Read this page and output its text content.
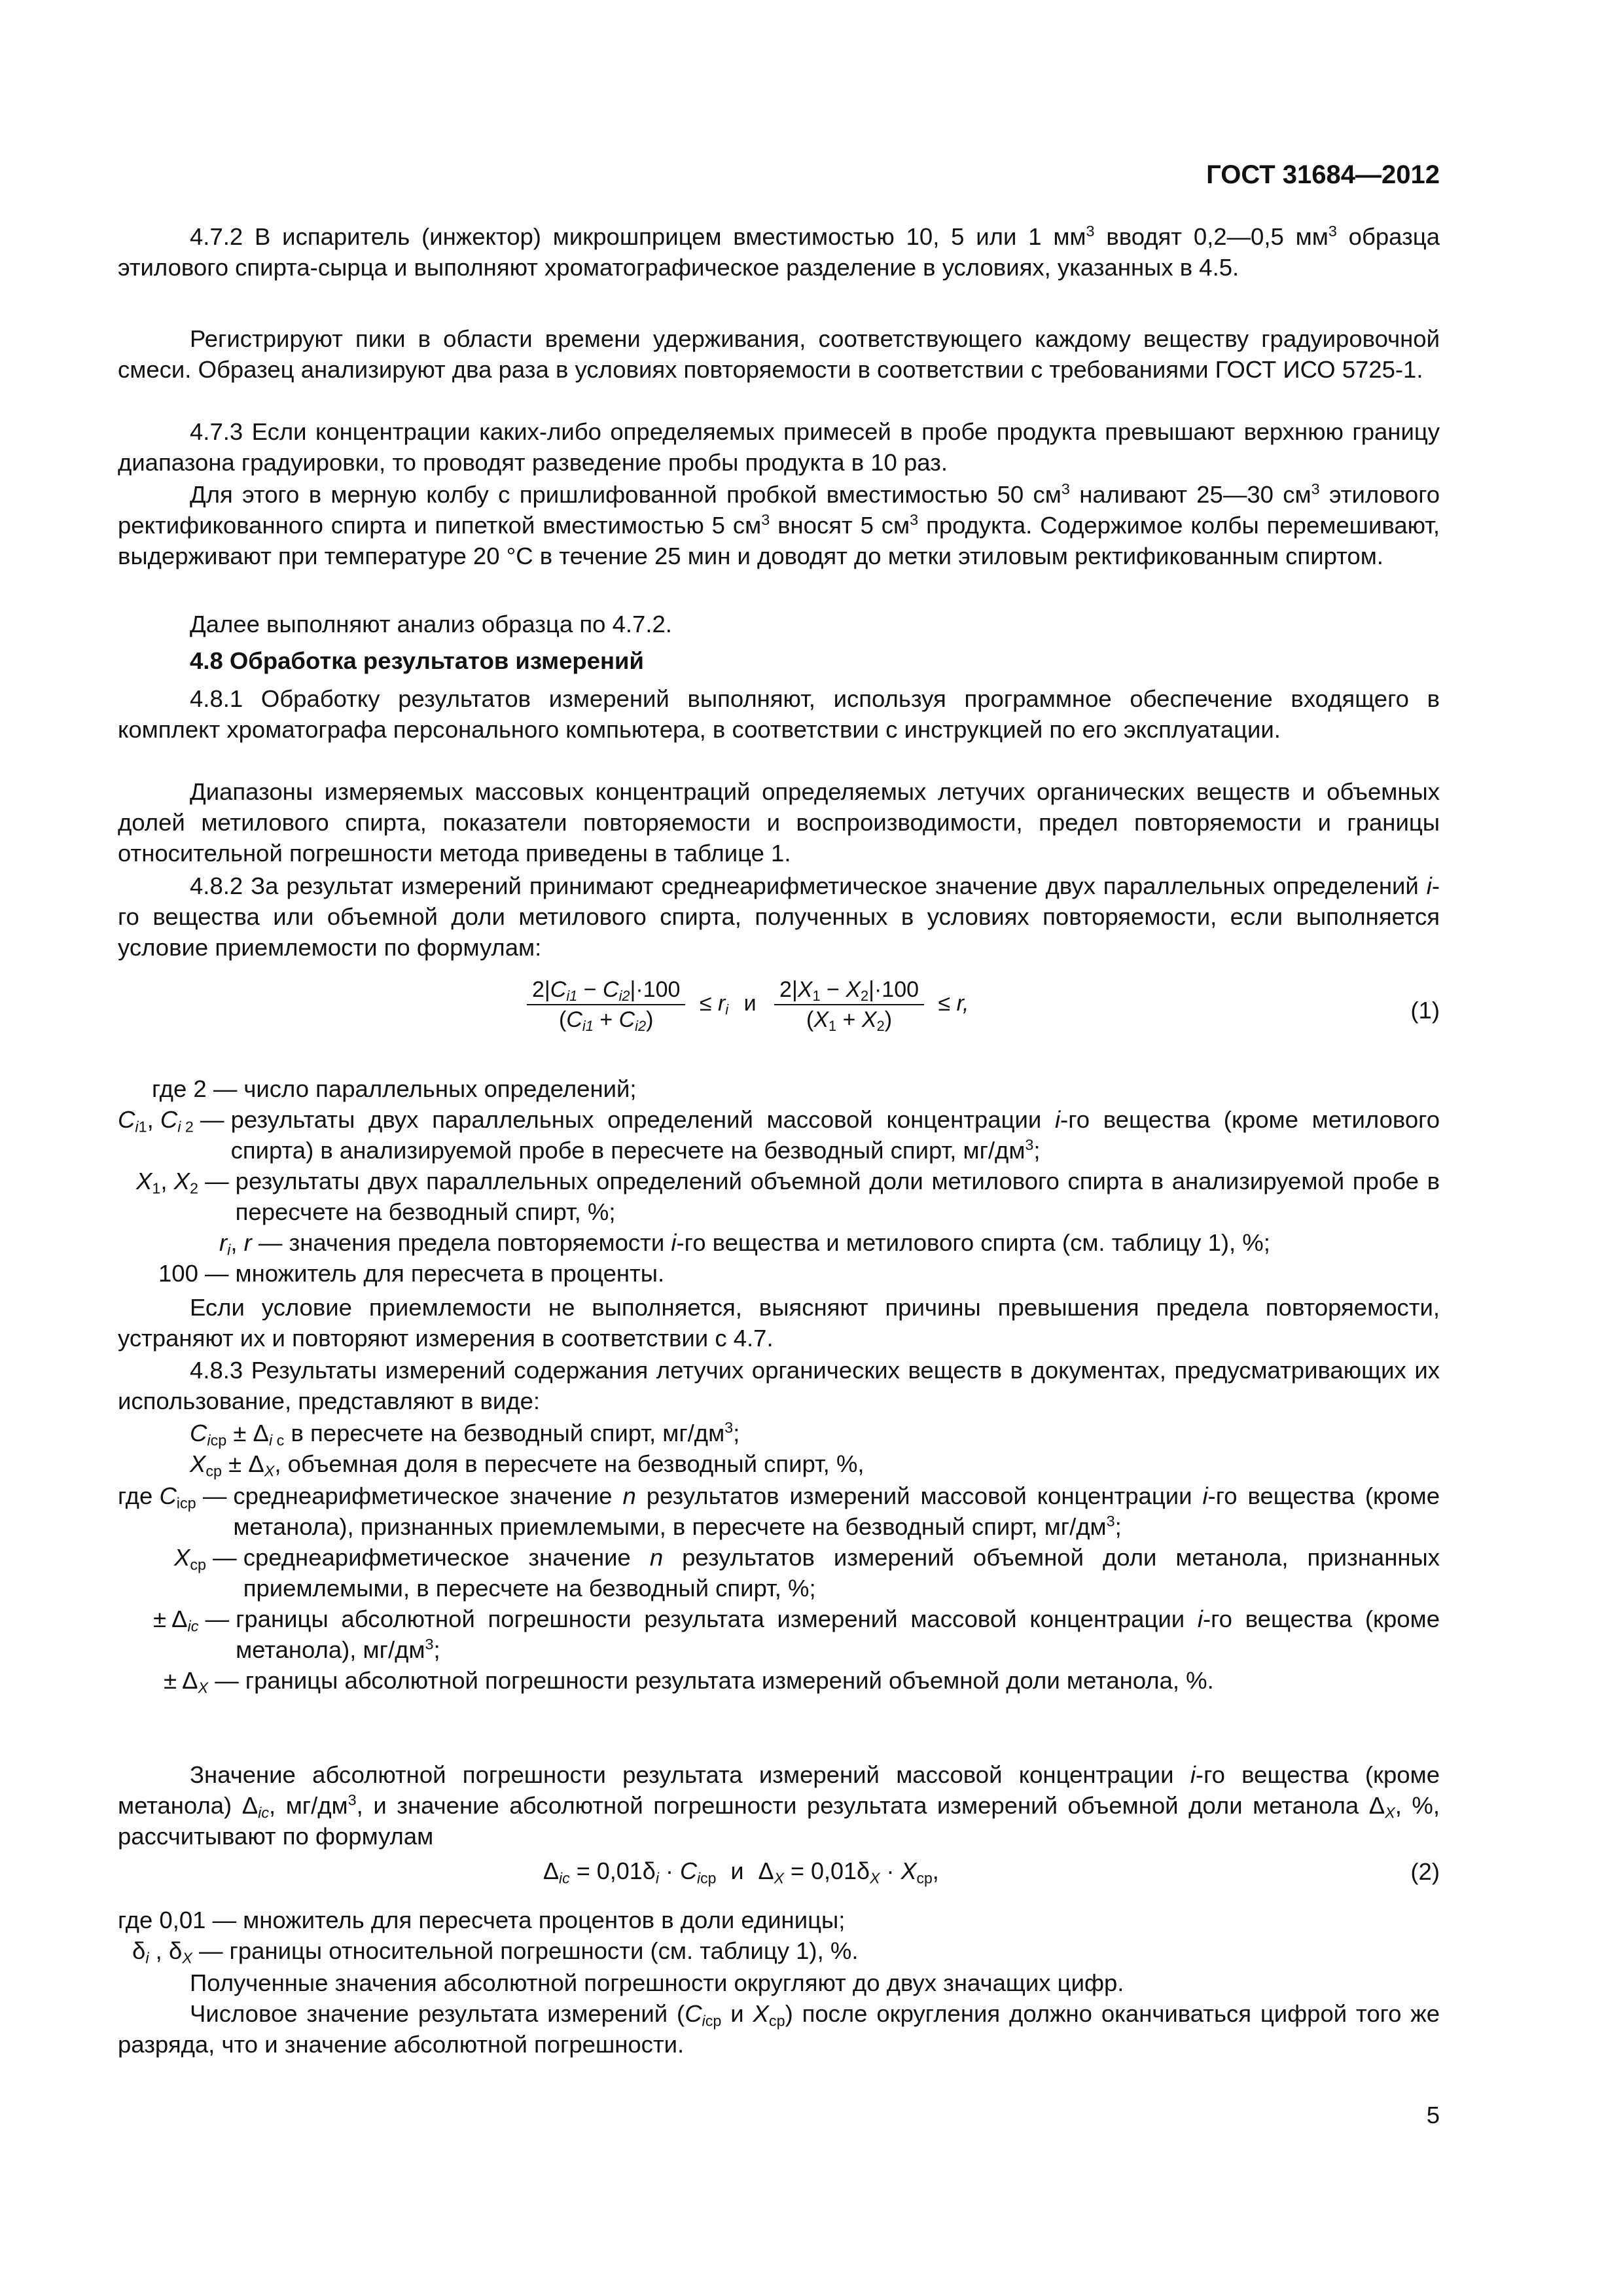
ГОСТ 31684—2012

4.7.2 В испаритель (инжектор) микрошприцем вместимостью 10, 5 или 1 $мм^3$ вводят 0,2—0,5 $мм^3$ образца этилового спирта-сырца и выполняют хроматографическое разделение в условиях, указанных в 4.5.

Регистрируют пики в области времени удерживания, соответствующего каждому веществу градуировочной смеси. Образец анализируют два раза в условиях повторяемости в соответствии с требованиями ГОСТ ИСО 5725-1.

4.7.3 Если концентрации каких-либо определяемых примесей в пробе продукта превышают верхнюю границу диапазона градуировки, то проводят разведение пробы продукта в 10 раз.

Для этого в мерную колбу с пришлифованной пробкой вместимостью 50 $см^3$ наливают 25—30 $см^3$ этилового ректификованного спирта и пипеткой вместимостью 5 $см^3$ вносят 5 $см^3$ продукта. Содержимое колбы перемешивают, выдерживают при температуре 20 °С в течение 25 мин и доводят до метки этиловым ректификованным спиртом.

Далее выполняют анализ образца по 4.7.2.

4.8 Обработка результатов измерений

4.8.1 Обработку результатов измерений выполняют, используя программное обеспечение входящего в комплект хроматографа персонального компьютера, в соответствии с инструкцией по его эксплуатации.

Диапазоны измеряемых массовых концентраций определяемых летучих органических веществ и объемных долей метилового спирта, показатели повторяемости и воспроизводимости, предел повторяемости и границы относительной погрешности метода приведены в таблице 1.

4.8.2 За результат измерений принимают среднеарифметическое значение двух параллельных определений i-го вещества или объемной доли метилового спирта, полученных в условиях повторяемости, если выполняется условие приемлемости по формулам:

$\frac{2|C_{i1} - C_{i2}|\cdot 100}{(C_{i1} + C_{i2})} \le r_i$ и $\frac{2|X_1 - X_2|\cdot 100}{(X_1 + X_2)} \le r$,	(1)
где 2 — число параллельных определений;
$C_{i1}$, $C_{i 2}$ — результаты двух параллельных определений массовой концентрации i-го вещества (кроме метилового спирта) в анализируемой пробе в пересчете на безводный спирт, $мг/дм^3$;
$X_1$, $X_2$ — результаты двух параллельных определений объемной доли метилового спирта в анализируемой пробе в пересчете на безводный спирт, %;
$r_i$, r — значения предела повторяемости i-го вещества и метилового спирта (см. таблицу 1), %;
100 — множитель для пересчета в проценты.

Если условие приемлемости не выполняется, выясняют причины превышения предела повторяемости, устраняют их и повторяют измерения в соответствии с 4.7.

4.8.3 Результаты измерений содержания летучих органических веществ в документах, предусматривающих их использование, представляют в виде:

$C_{iср} \pm \Delta_{i с}$ в пересчете на безводный спирт, $мг/дм^3$;
$X_{ср} \pm \Delta_X$, объемная доля в пересчете на безводный спирт, %,
где $C_{iср}$ — среднеарифметическое значение n результатов измерений массовой концентрации i-го вещества (кроме метанола), признанных приемлемыми, в пересчете на безводный спирт, $мг/дм^3$;
$X_{ср}$ — среднеарифметическое значение n результатов измерений объемной доли метанола, признанных приемлемыми, в пересчете на безводный спирт, %;
± $\Delta_{ic}$ — границы абсолютной погрешности результата измерений массовой концентрации i-го вещества (кроме метанола), $мг/дм^3$;
± $\Delta_X$ — границы абсолютной погрешности результата измерений объемной доли метанола, %.

Значение абсолютной погрешности результата измерений массовой концентрации i-го вещества (кроме метанола) $\Delta_{ic}$, $мг/дм^3$, и значение абсолютной погрешности результата измерений объемной доли метанола $\Delta_X$, %, рассчитывают по формулам

$\Delta_{ic} = 0,01\delta_i \cdot C_{iср}$ и $\Delta_X = 0,01\delta_X \cdot X_{ср}$,	(2)
где 0,01 — множитель для пересчета процентов в доли единицы;
$\delta_i$ , $\delta_X$ — границы относительной погрешности (см. таблицу 1), %.

Полученные значения абсолютной погрешности округляют до двух значащих цифр.

Числовое значение результата измерений ($C_{iср}$ и $X_{ср}$) после округления должно оканчиваться цифрой того же разряда, что и значение абсолютной погрешности.

5
